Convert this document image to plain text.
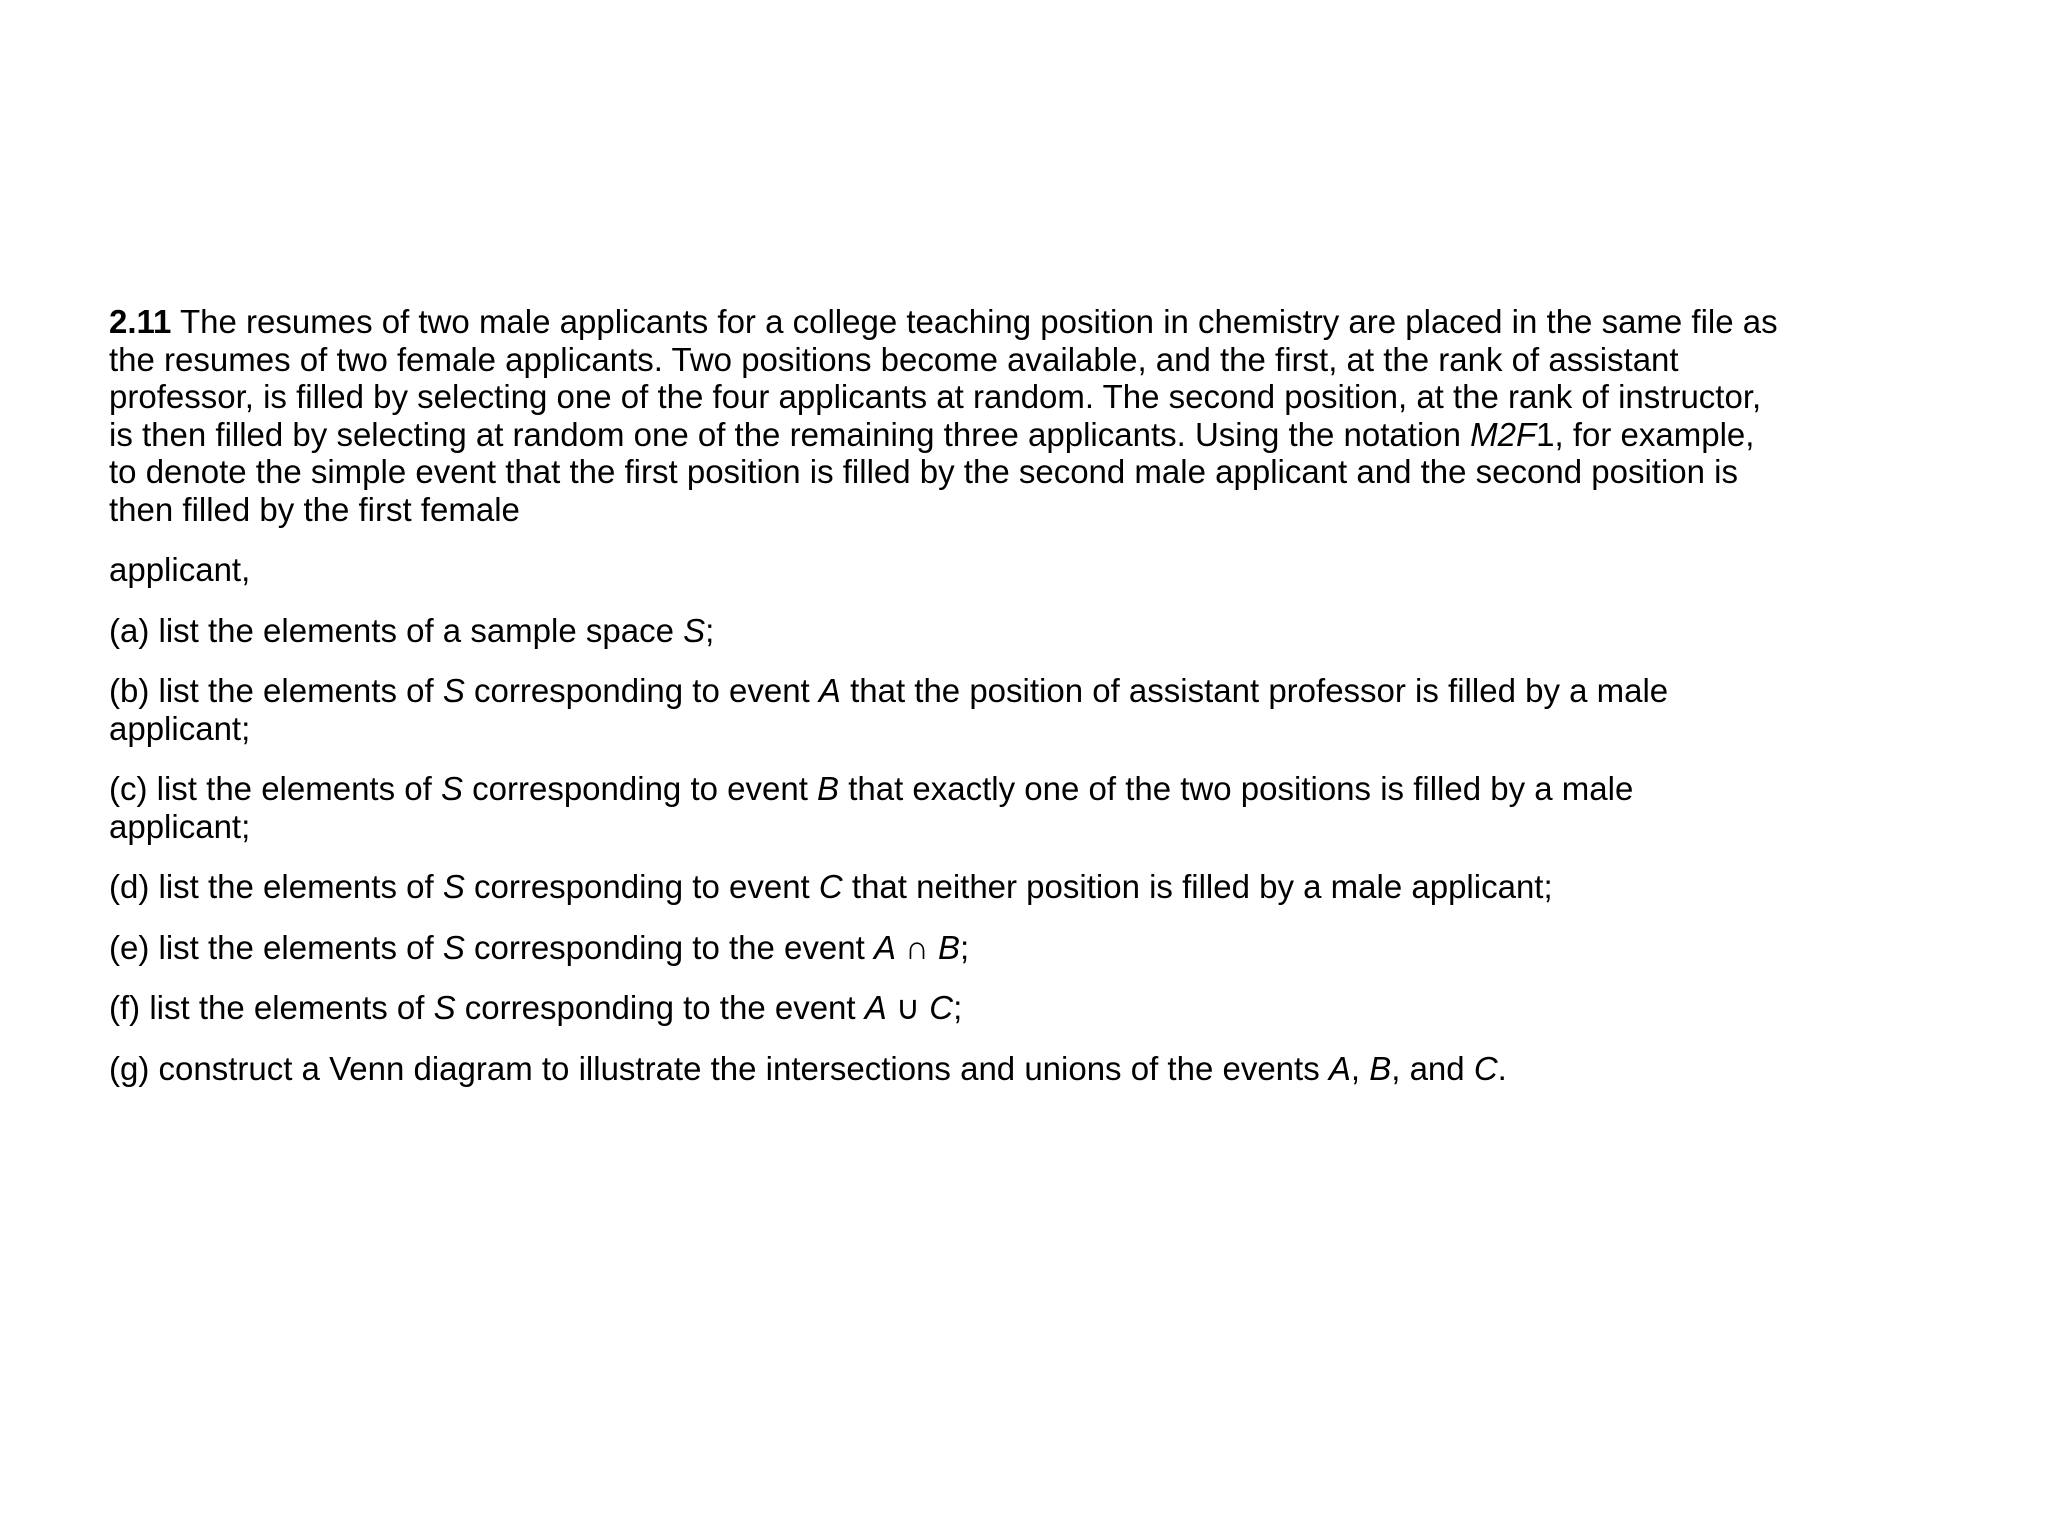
2.11 The resumes of two male applicants for a college teaching position in chemistry are placed in the same file as
the resumes of two female applicants. Two positions become available, and the first, at the rank of assistant
professor, is filled by selecting one of the four applicants at random. The second position, at the rank of instructor,
is then filled by selecting at random one of the remaining three applicants. Using the notation M2F1, for example,
to denote the simple event that the first position is filled by the second male applicant and the second position is
then filled by the first female

applicant,

(a) list the elements of a sample space S;

(b) list the elements of S corresponding to event A that the position of assistant professor is filled by a male
applicant;

(c) list the elements of S corresponding to event B that exactly one of the two positions is filled by a male
applicant;

(d) list the elements of S corresponding to event C that neither position is filled by a male applicant;

(e) list the elements of S corresponding to the event A ∩ B;

(f) list the elements of S corresponding to the event A ∪ C;

(g) construct a Venn diagram to illustrate the intersections and unions of the events A, B, and C.
